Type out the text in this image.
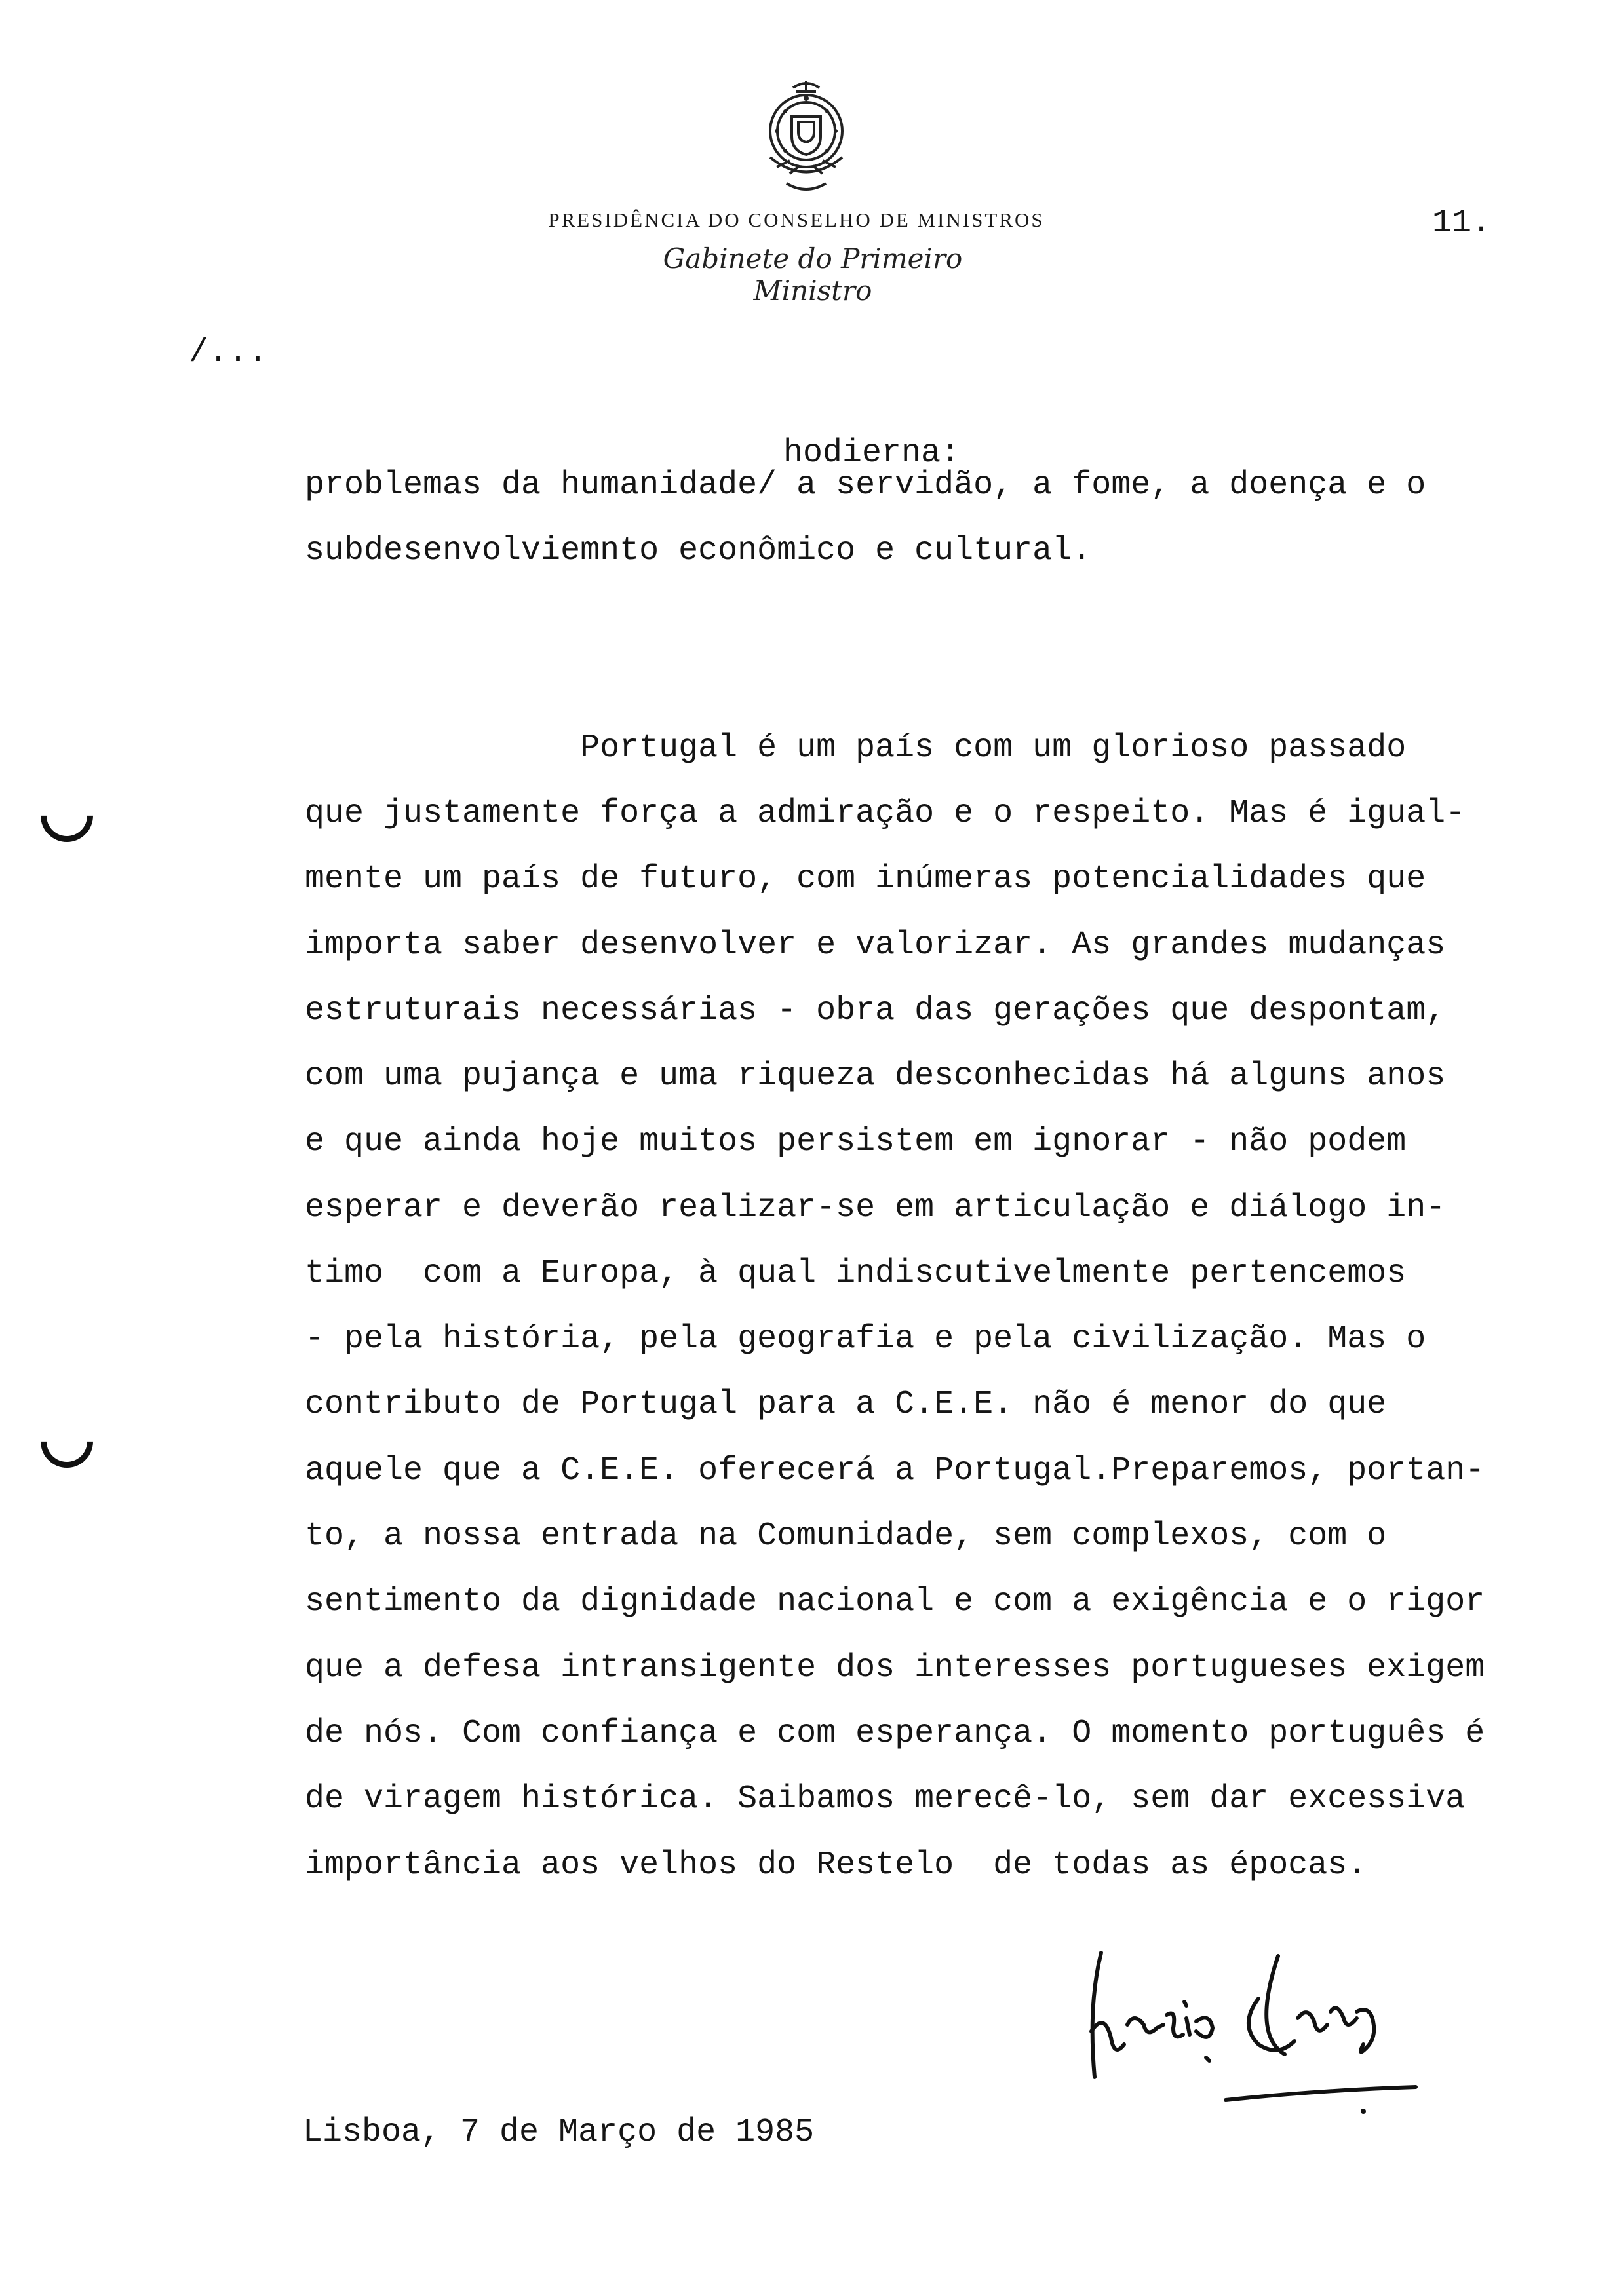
PRESIDÊNCIA DO CONSELHO DE MINISTROS
Gabinete do Primeiro Ministro
11.
/...
hodierna:
problemas da humanidade/ a servidão, a fome, a doença e o
subdesenvolviemnto econômico e cultural.
Portugal é um país com um glorioso passado
que justamente força a admiração e o respeito. Mas é igual-
mente um país de futuro, com inúmeras potencialidades que
importa saber desenvolver e valorizar. As grandes mudanças
estruturais necessárias - obra das gerações que despontam,
com uma pujança e uma riqueza desconhecidas há alguns anos
e que ainda hoje muitos persistem em ignorar - não podem
esperar e deverão realizar-se em articulação e diálogo in-
timo  com a Europa, à qual indiscutivelmente pertencemos
- pela história, pela geografia e pela civilização. Mas o
contributo de Portugal para a C.E.E. não é menor do que
aquele que a C.E.E. oferecerá a Portugal.Preparemos, portan-
to, a nossa entrada na Comunidade, sem complexos, com o
sentimento da dignidade nacional e com a exigência e o rigor
que a defesa intransigente dos interesses portugueses exigem
de nós. Com confiança e com esperança. O momento português é
de viragem histórica. Saibamos merecê-lo, sem dar excessiva
importância aos velhos do Restelo  de todas as épocas.
Lisboa, 7 de Março de 1985
